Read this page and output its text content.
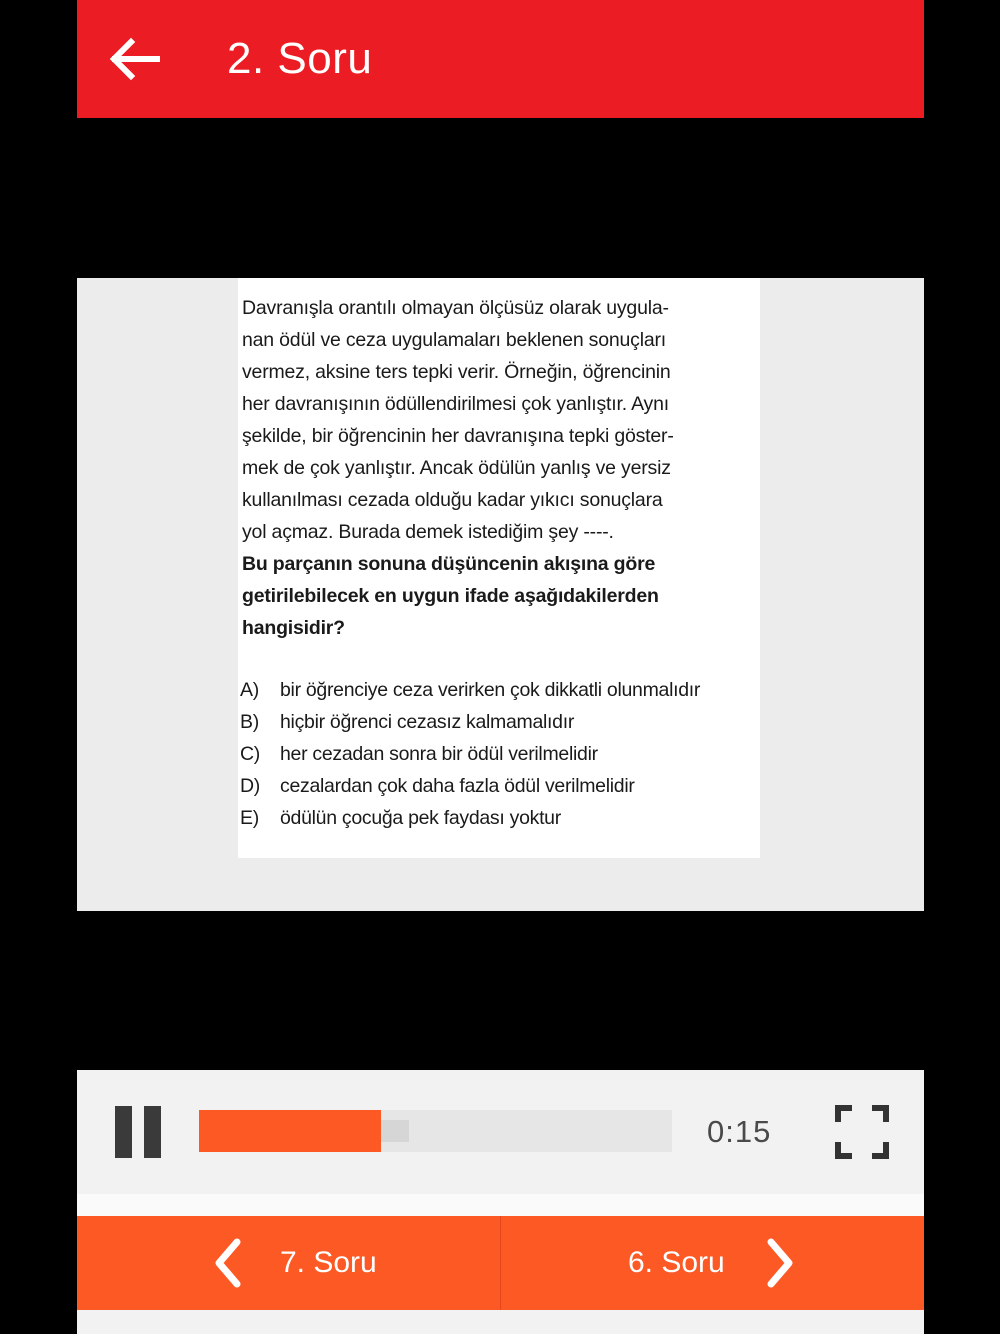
2. Soru
Davranışla orantılı olmayan ölçüsüz olarak uygula-
nan ödül ve ceza uygulamaları beklenen sonuçları
vermez, aksine ters tepki verir. Örneğin, öğrencinin
her davranışının ödüllendirilmesi çok yanlıştır. Aynı
şekilde, bir öğrencinin her davranışına tepki göster-
mek de çok yanlıştır. Ancak ödülün yanlış ve yersiz
kullanılması cezada olduğu kadar yıkıcı sonuçlara
yol açmaz. Burada demek istediğim şey ----.
Bu parçanın sonuna düşüncenin akışına göre
getirilebilecek en uygun ifade aşağıdakilerden
hangisidir?
A) bir öğrenciye ceza verirken çok dikkatli olunmalıdır
B) hiçbir öğrenci cezasız kalmamalıdır
C) her cezadan sonra bir ödül verilmelidir
D) cezalardan çok daha fazla ödül verilmelidir
E) ödülün çocuğa pek faydası yoktur
0:15
7. Soru	6. Soru
